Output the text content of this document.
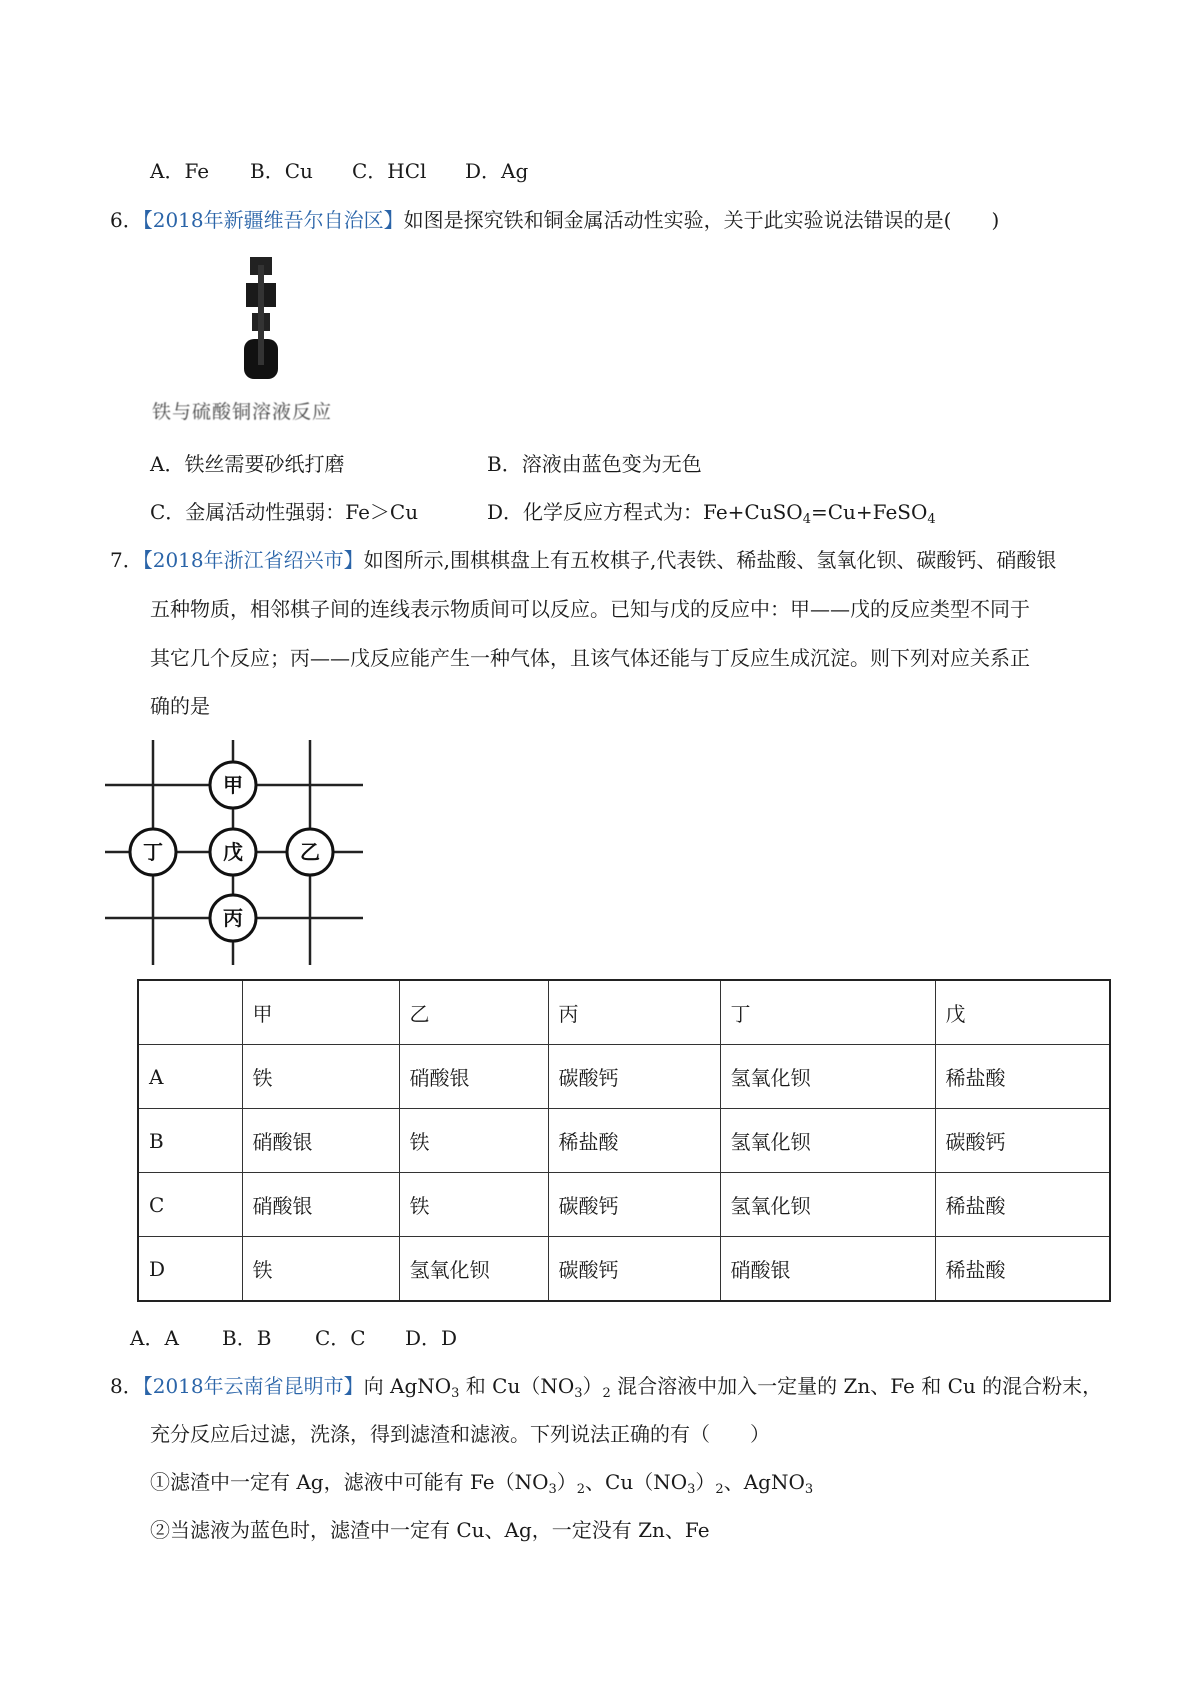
A．Fe B．Cu C．HCl D．Ag
6．【2018年新疆维吾尔自治区】如图是探究铁和铜金属活动性实验，关于此实验说法错误的是(　　)
铁与硫酸铜溶液反应
A．铁丝需要砂纸打磨	B．溶液由蓝色变为无色
C．金属活动性强弱：Fe＞Cu	D．化学反应方程式为：Fe+CuSO$_4$=Cu+FeSO$_4$
7．【2018年浙江省绍兴市】如图所示,围棋棋盘上有五枚棋子,代表铁、稀盐酸、氢氧化钡、碳酸钙、硝酸银
五种物质，相邻棋子间的连线表示物质间可以反应。已知与戊的反应中：甲——戊的反应类型不同于
其它几个反应；丙——戊反应能产生一种气体，且该气体还能与丁反应生成沉淀。则下列对应关系正
确的是
甲
丁	戊	乙
丙
	甲	乙	丙	丁	戊
A	铁	硝酸银	碳酸钙	氢氧化钡	稀盐酸
B	硝酸银	铁	稀盐酸	氢氧化钡	碳酸钙
C	硝酸银	铁	碳酸钙	氢氧化钡	稀盐酸
D	铁	氢氧化钡	碳酸钙	硝酸银	稀盐酸
A．A B．B C．C D．D
8．【2018年云南省昆明市】向 AgNO$_3$ 和 $Cu(NO_3)_2$ 混合溶液中加入一定量的 Zn、Fe 和 Cu 的混合粉末，
充分反应后过滤，洗涤，得到滤渣和滤液。下列说法正确的有（　　）
①滤渣中一定有 Ag，滤液中可能有 $Fe(NO_3)_2$、$Cu(NO_3)_2$、AgNO$_3$
②当滤液为蓝色时，滤渣中一定有 Cu、Ag，一定没有 Zn、Fe
